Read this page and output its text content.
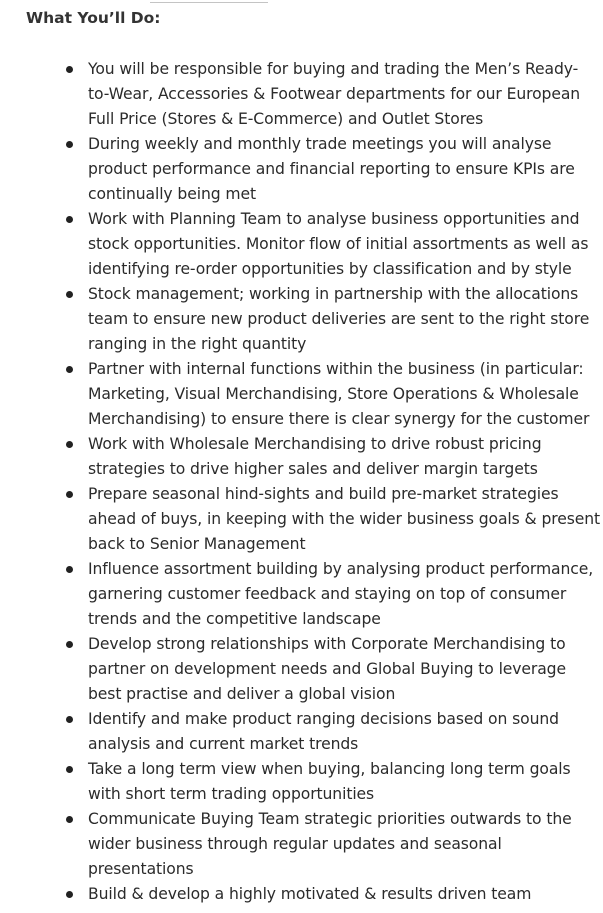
What You’ll Do:
You will be responsible for buying and trading the Men’s Ready-
to-Wear, Accessories & Footwear departments for our European
Full Price (Stores & E-Commerce) and Outlet Stores
During weekly and monthly trade meetings you will analyse
product performance and financial reporting to ensure KPIs are
continually being met
Work with Planning Team to analyse business opportunities and
stock opportunities. Monitor flow of initial assortments as well as
identifying re-order opportunities by classification and by style
Stock management; working in partnership with the allocations
team to ensure new product deliveries are sent to the right store
ranging in the right quantity
Partner with internal functions within the business (in particular:
Marketing, Visual Merchandising, Store Operations & Wholesale
Merchandising) to ensure there is clear synergy for the customer
Work with Wholesale Merchandising to drive robust pricing
strategies to drive higher sales and deliver margin targets
Prepare seasonal hind-sights and build pre-market strategies
ahead of buys, in keeping with the wider business goals & present
back to Senior Management
Influence assortment building by analysing product performance,
garnering customer feedback and staying on top of consumer
trends and the competitive landscape
Develop strong relationships with Corporate Merchandising to
partner on development needs and Global Buying to leverage
best practise and deliver a global vision
Identify and make product ranging decisions based on sound
analysis and current market trends
Take a long term view when buying, balancing long term goals
with short term trading opportunities
Communicate Buying Team strategic priorities outwards to the
wider business through regular updates and seasonal
presentations
Build & develop a highly motivated & results driven team
